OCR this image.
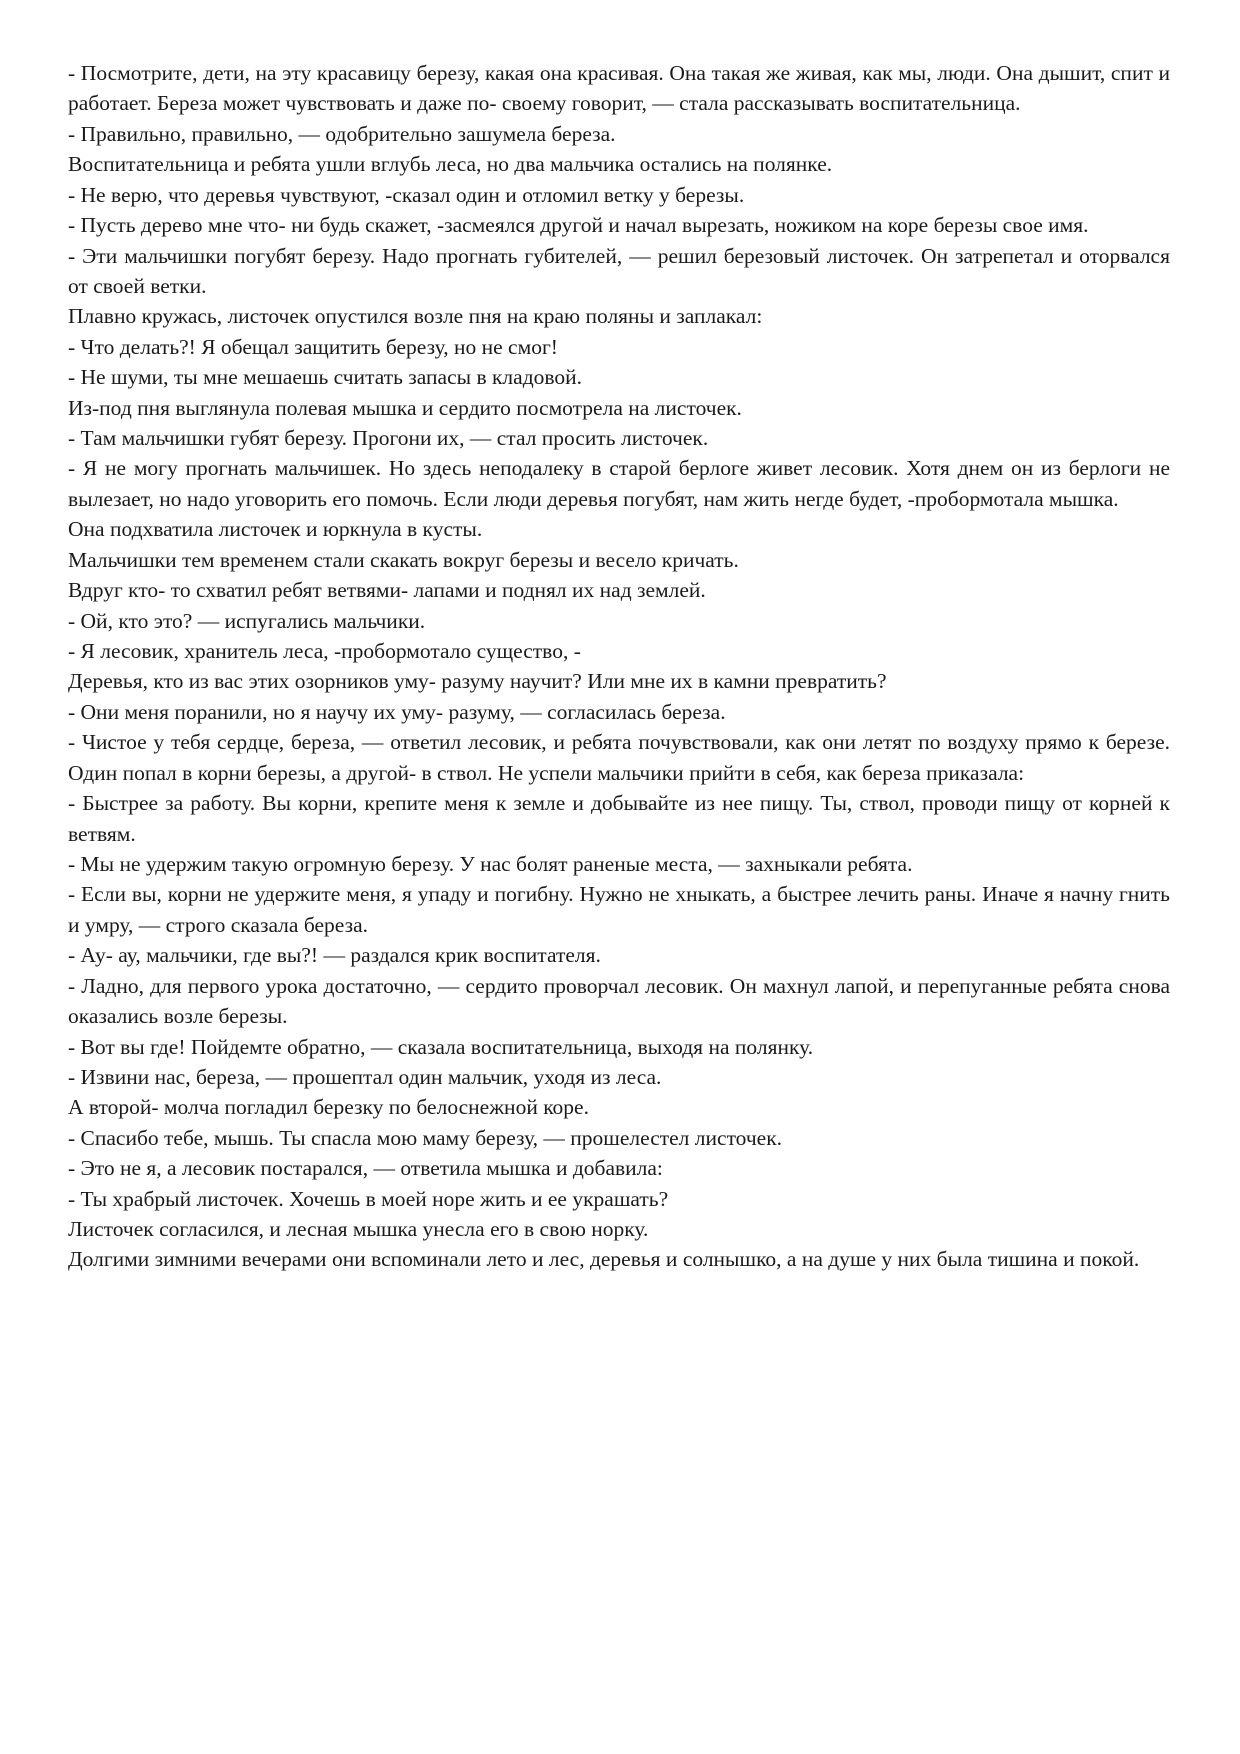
- Посмотрите, дети, на эту красавицу березу, какая она красивая. Она такая же живая, как мы, люди. Она дышит, спит и работает. Береза может чувствовать и даже по- своему говорит, — стала рассказывать воспитательница.

- Правильно, правильно, — одобрительно зашумела береза.

Воспитательница и ребята ушли вглубь леса, но два мальчика остались на полянке.

- Не верю, что деревья чувствуют, -сказал один и отломил ветку у березы.

- Пусть дерево мне что- ни будь скажет, -засмеялся другой и начал вырезать, ножиком на коре березы свое имя.

- Эти мальчишки погубят березу. Надо прогнать губителей, — решил березовый листочек. Он затрепетал и оторвался от своей ветки.

Плавно кружась, листочек опустился возле пня на краю поляны и заплакал:

- Что делать?! Я обещал защитить березу, но не смог!

- Не шуми, ты мне мешаешь считать запасы в кладовой.

Из-под пня выглянула полевая мышка и сердито посмотрела на листочек.

- Там мальчишки губят березу. Прогони их, — стал просить листочек.

- Я не могу прогнать мальчишек. Но здесь неподалеку в старой берлоге живет лесовик. Хотя днем он из берлоги не вылезает, но надо уговорить его помочь. Если люди деревья погубят, нам жить негде будет, -пробормотала мышка.

Она подхватила листочек и юркнула в кусты.

Мальчишки тем временем стали скакать вокруг березы и весело кричать.

Вдруг кто- то схватил ребят ветвями- лапами и поднял их над землей.

- Ой, кто это? — испугались мальчики.

- Я лесовик, хранитель леса, -пробормотало существо, -

Деревья, кто из вас этих озорников уму- разуму научит? Или мне их в камни превратить?

- Они меня поранили, но я научу их уму- разуму, — согласилась береза.

- Чистое у тебя сердце, береза, — ответил лесовик, и ребята почувствовали, как они летят по воздуху прямо к березе. Один попал в корни березы, а другой- в ствол. Не успели мальчики прийти в себя, как береза приказала:

- Быстрее за работу. Вы корни, крепите меня к земле и добывайте из нее пищу. Ты, ствол, проводи пищу от корней к ветвям.

- Мы не удержим такую огромную березу. У нас болят раненые места, — захныкали ребята.

- Если вы, корни не удержите меня, я упаду и погибну. Нужно не хныкать, а быстрее лечить раны. Иначе я начну гнить и умру, — строго сказала береза.

- Ау- ау, мальчики, где вы?! — раздался крик воспитателя.

- Ладно, для первого урока достаточно, — сердито проворчал лесовик. Он махнул лапой, и перепуганные ребята снова оказались возле березы.

- Вот вы где! Пойдемте обратно, — сказала воспитательница, выходя на полянку.

- Извини нас, береза, — прошептал один мальчик, уходя из леса.

А второй- молча погладил березку по белоснежной коре.

- Спасибо тебе, мышь. Ты спасла мою маму березу, — прошелестел листочек.

- Это не я, а лесовик постарался, — ответила мышка и добавила:

- Ты храбрый листочек. Хочешь в моей норе жить и ее украшать?

Листочек согласился, и лесная мышка унесла его в свою норку.

Долгими зимними вечерами они вспоминали лето и лес, деревья и солнышко, а на душе у них была тишина и покой.
